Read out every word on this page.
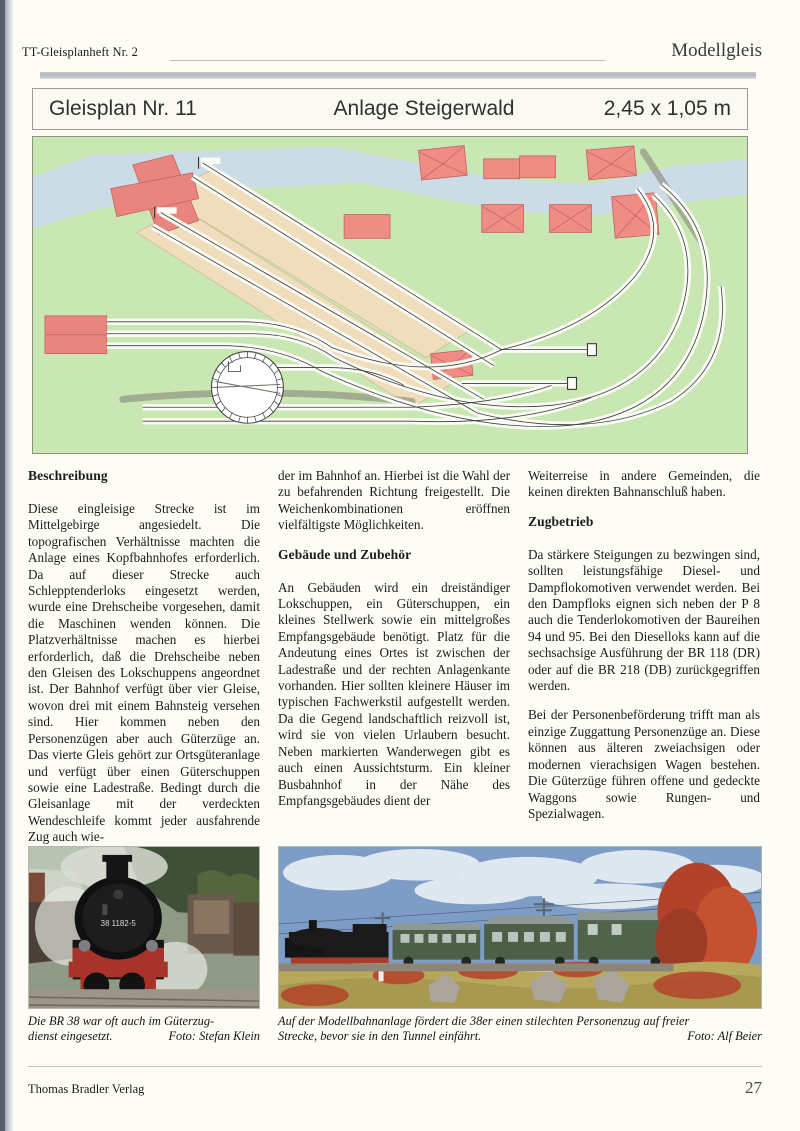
TT-Gleisplanheft Nr. 2	Modellgleis
Gleisplan Nr. 11	Anlage Steigerwald	2,45 x 1,05 m
Beschreibung

Diese eingleisige Strecke ist im Mittelgebirge angesiedelt. Die topografischen Verhältnisse machten die Anlage eines Kopfbahnhofes erforderlich. Da auf dieser Strecke auch Schlepptenderloks eingesetzt werden, wurde eine Drehscheibe vorgesehen, damit die Maschinen wenden können. Die Platzverhältnisse machen es hierbei erforderlich, daß die Drehscheibe neben den Gleisen des Lokschuppens angeordnet ist. Der Bahnhof verfügt über vier Gleise, wovon drei mit einem Bahnsteig versehen sind. Hier kommen neben den Personenzügen aber auch Güterzüge an. Das vierte Gleis gehört zur Ortsgüteranlage und verfügt über einen Güterschuppen sowie eine Ladestraße. Bedingt durch die Gleisanlage mit der verdeckten Wendeschleife kommt jeder ausfahrende Zug auch wie-

der im Bahnhof an. Hierbei ist die Wahl der zu befahrenden Richtung freigestellt. Die Weichenkombinationen eröffnen vielfältigste Möglichkeiten.

Gebäude und Zubehör

An Gebäuden wird ein dreiständiger Lokschuppen, ein Güterschuppen, ein kleines Stellwerk sowie ein mittelgroßes Empfangsgebäude benötigt. Platz für die Andeutung eines Ortes ist zwischen der Ladestraße und der rechten Anlagenkante vorhanden. Hier sollten kleinere Häuser im typischen Fachwerkstil aufgestellt werden. Da die Gegend landschaftlich reizvoll ist, wird sie von vielen Urlaubern besucht. Neben markierten Wanderwegen gibt es auch einen Aussichtsturm. Ein kleiner Busbahnhof in der Nähe des Empfangsgebäudes dient der

Weiterreise in andere Gemeinden, die keinen direkten Bahnanschluß haben.

Zugbetrieb

Da stärkere Steigungen zu bezwingen sind, sollten leistungsfähige Diesel- und Dampflokomotiven verwendet werden. Bei den Dampfloks eignen sich neben der P 8 auch die Tenderlokomotiven der Baureihen 94 und 95. Bei den Dieselloks kann auf die sechsachsige Ausführung der BR 118 (DR) oder auf die BR 218 (DB) zurückgegriffen werden.

Bei der Personenbeförderung trifft man als einzige Zuggattung Personenzüge an. Diese können aus älteren zweiachsigen oder modernen vierachsigen Wagen bestehen. Die Güterzüge führen offene und gedeckte Waggons sowie Rungen- und Spezialwagen.

38 1182-5
Die BR 38 war oft auch im Güterzug-
dienst eingesetzt.	Foto: Stefan Klein
Auf der Modellbahnanlage fördert die 38er einen stilechten Personenzug auf freier
Strecke, bevor sie in den Tunnel einfährt.	Foto: Alf Beier
Thomas Bradler Verlag	27
